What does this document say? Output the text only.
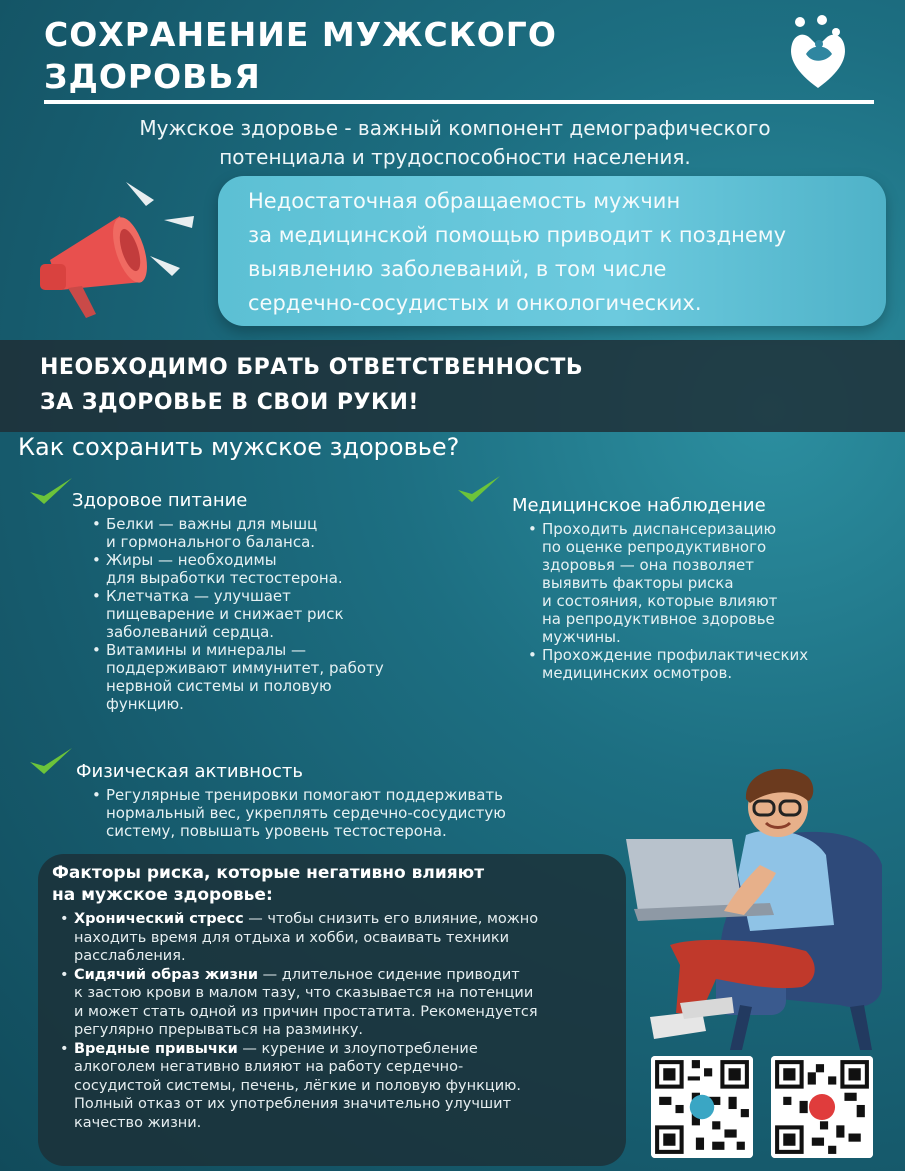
СОХРАНЕНИЕ МУЖСКОГО
ЗДОРОВЬЯ
Мужское здоровье - важный компонент демографического
потенциала и трудоспособности населения.
Недостаточная обращаемость мужчин
за медицинской помощью приводит к позднему
выявлению заболеваний, в том числе
сердечно-сосудистых и онкологических.
НЕОБХОДИМО БРАТЬ ОТВЕТСТВЕННОСТЬ
ЗА ЗДОРОВЬЕ В СВОИ РУКИ!
Как сохранить мужское здоровье?
Здоровое питание
• Белки — важны для мышц
и гормонального баланса.
• Жиры — необходимы
для выработки тестостерона.
• Клетчатка — улучшает
пищеварение и снижает риск
заболеваний сердца.
• Витамины и минералы —
поддерживают иммунитет, работу
нервной системы и половую
функцию.
Медицинское наблюдение
• Проходить диспансеризацию
по оценке репродуктивного
здоровья — она позволяет
выявить факторы риска
и состояния, которые влияют
на репродуктивное здоровье
мужчины.
• Прохождение профилактических
медицинских осмотров.
Физическая активность
• Регулярные тренировки помогают поддерживать
нормальный вес, укреплять сердечно-сосудистую
систему, повышать уровень тестостерона.
Факторы риска, которые негативно влияют
на мужское здоровье:
• Хронический стресс — чтобы снизить его влияние, можно
находить время для отдыха и хобби, осваивать техники
расслабления.
• Сидячий образ жизни — длительное сидение приводит
к застою крови в малом тазу, что сказывается на потенции
и может стать одной из причин простатита. Рекомендуется
регулярно прерываться на разминку.
• Вредные привычки — курение и злоупотребление
алкоголем негативно влияют на работу сердечно-
сосудистой системы, печень, лёгкие и половую функцию.
Полный отказ от их употребления значительно улучшит
качество жизни.
